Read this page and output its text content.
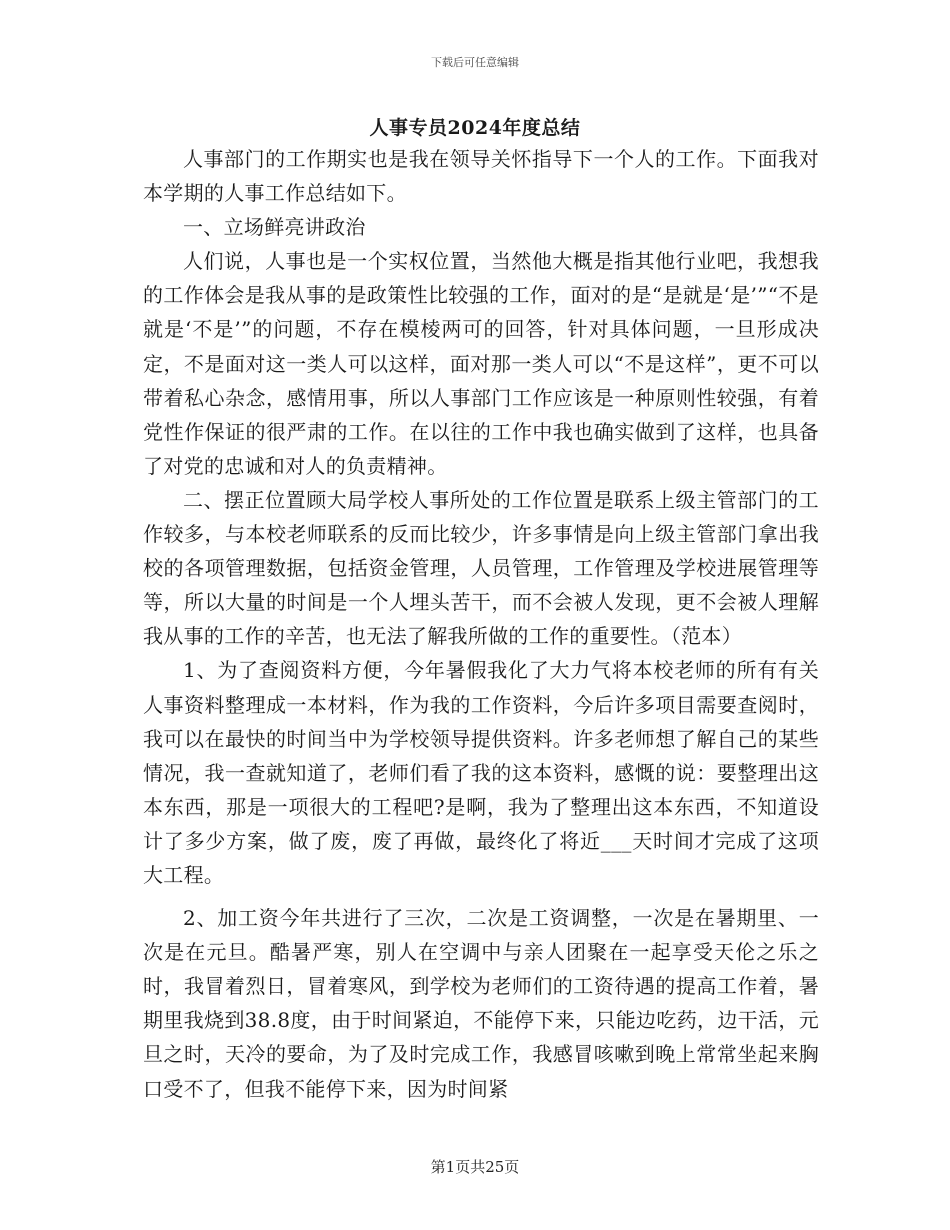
下载后可任意编辑
人事专员2024年度总结

人事部门的工作期实也是我在领导关怀指导下一个人的工作。下面我对本学期的人事工作总结如下。

一、立场鲜亮讲政治

人们说，人事也是一个实权位置，当然他大概是指其他行业吧，我想我的工作体会是我从事的是政策性比较强的工作，面对的是“是就是‘是’”“不是就是‘不是’”的问题，不存在模棱两可的回答，针对具体问题，一旦形成决定，不是面对这一类人可以这样，面对那一类人可以“不是这样”，更不可以带着私心杂念，感情用事，所以人事部门工作应该是一种原则性较强，有着党性作保证的很严肃的工作。在以往的工作中我也确实做到了这样，也具备了对党的忠诚和对人的负责精神。

二、摆正位置顾大局学校人事所处的工作位置是联系上级主管部门的工作较多，与本校老师联系的反而比较少，许多事情是向上级主管部门拿出我校的各项管理数据，包括资金管理，人员管理，工作管理及学校进展管理等等，所以大量的时间是一个人埋头苦干，而不会被人发现，更不会被人理解我从事的工作的辛苦，也无法了解我所做的工作的重要性。（范本）

1、为了查阅资料方便，今年暑假我化了大力气将本校老师的所有有关人事资料整理成一本材料，作为我的工作资料，今后许多项目需要查阅时，我可以在最快的时间当中为学校领导提供资料。许多老师想了解自己的某些情况，我一查就知道了，老师们看了我的这本资料，感慨的说：要整理出这本东西，那是一项很大的工程吧?是啊，我为了整理出这本东西，不知道设计了多少方案，做了废，废了再做，最终化了将近___天时间才完成了这项大工程。

2、加工资今年共进行了三次，二次是工资调整，一次是在暑期里、一次是在元旦。酷暑严寒，别人在空调中与亲人团聚在一起享受天伦之乐之时，我冒着烈日，冒着寒风，到学校为老师们的工资待遇的提高工作着，暑期里我烧到38.8度，由于时间紧迫，不能停下来，只能边吃药，边干活，元旦之时，天冷的要命，为了及时完成工作，我感冒咳嗽到晚上常常坐起来胸口受不了，但我不能停下来，因为时间紧

第1页共25页
